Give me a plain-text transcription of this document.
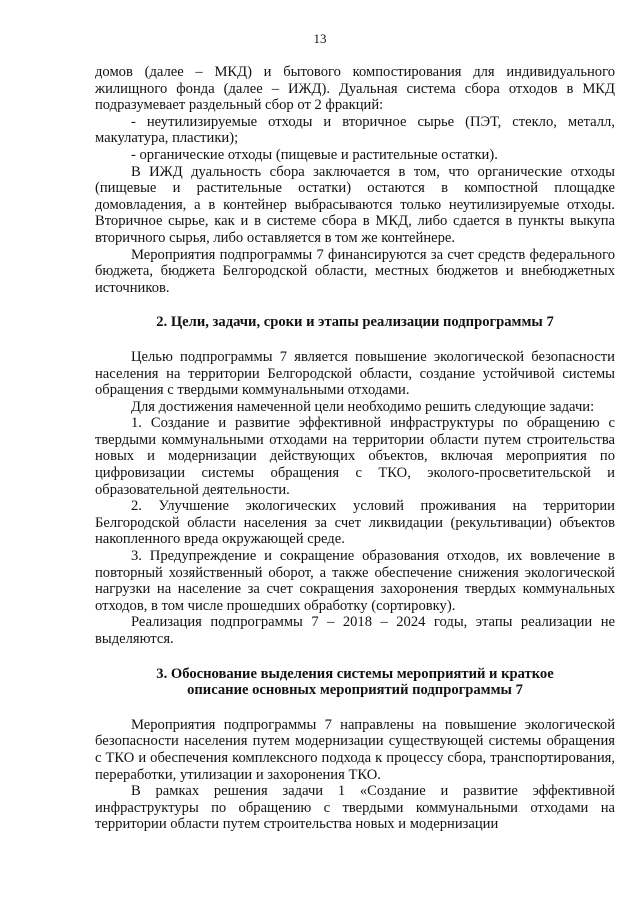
13

домов (далее – МКД) и бытового компостирования для индивидуального жилищного фонда (далее – ИЖД). Дуальная система сбора отходов в МКД подразумевает раздельный сбор от 2 фракций:

- неутилизируемые отходы и вторичное сырье (ПЭТ, стекло, металл, макулатура, пластики);

- органические отходы (пищевые и растительные остатки).

В ИЖД дуальность сбора заключается в том, что органические отходы (пищевые и растительные остатки) остаются в компостной площадке домовладения, а в контейнер выбрасываются только неутилизируемые отходы. Вторичное сырье, как и в системе сбора в МКД, либо сдается в пункты выкупа вторичного сырья, либо оставляется в том же контейнере.

Мероприятия подпрограммы 7 финансируются за счет средств федерального бюджета, бюджета Белгородской области, местных бюджетов и внебюджетных источников.

2. Цели, задачи, сроки и этапы реализации подпрограммы 7

Целью подпрограммы 7 является повышение экологической безопасности населения на территории Белгородской области, создание устойчивой системы обращения с твердыми коммунальными отходами.

Для достижения намеченной цели необходимо решить следующие задачи:

1. Создание и развитие эффективной инфраструктуры по обращению с твердыми коммунальными отходами на территории области путем строительства новых и модернизации действующих объектов, включая мероприятия по цифровизации системы обращения с ТКО, эколого-просветительской и образовательной деятельности.

2. Улучшение экологических условий проживания на территории Белгородской области населения за счет ликвидации (рекультивации) объектов накопленного вреда окружающей среде.

3. Предупреждение и сокращение образования отходов, их вовлечение в повторный хозяйственный оборот, а также обеспечение снижения экологической нагрузки на население за счет сокращения захоронения твердых коммунальных отходов, в том числе прошедших обработку (сортировку).

Реализация подпрограммы 7 – 2018 – 2024 годы, этапы реализации не выделяются.

3. Обоснование выделения системы мероприятий и краткое
описание основных мероприятий подпрограммы 7

Мероприятия подпрограммы 7 направлены на повышение экологической безопасности населения путем модернизации существующей системы обращения с ТКО и обеспечения комплексного подхода к процессу сбора, транспортирования, переработки, утилизации и захоронения ТКО.

В рамках решения задачи 1 «Создание и развитие эффективной инфраструктуры по обращению с твердыми коммунальными отходами на территории области путем строительства новых и модернизации
